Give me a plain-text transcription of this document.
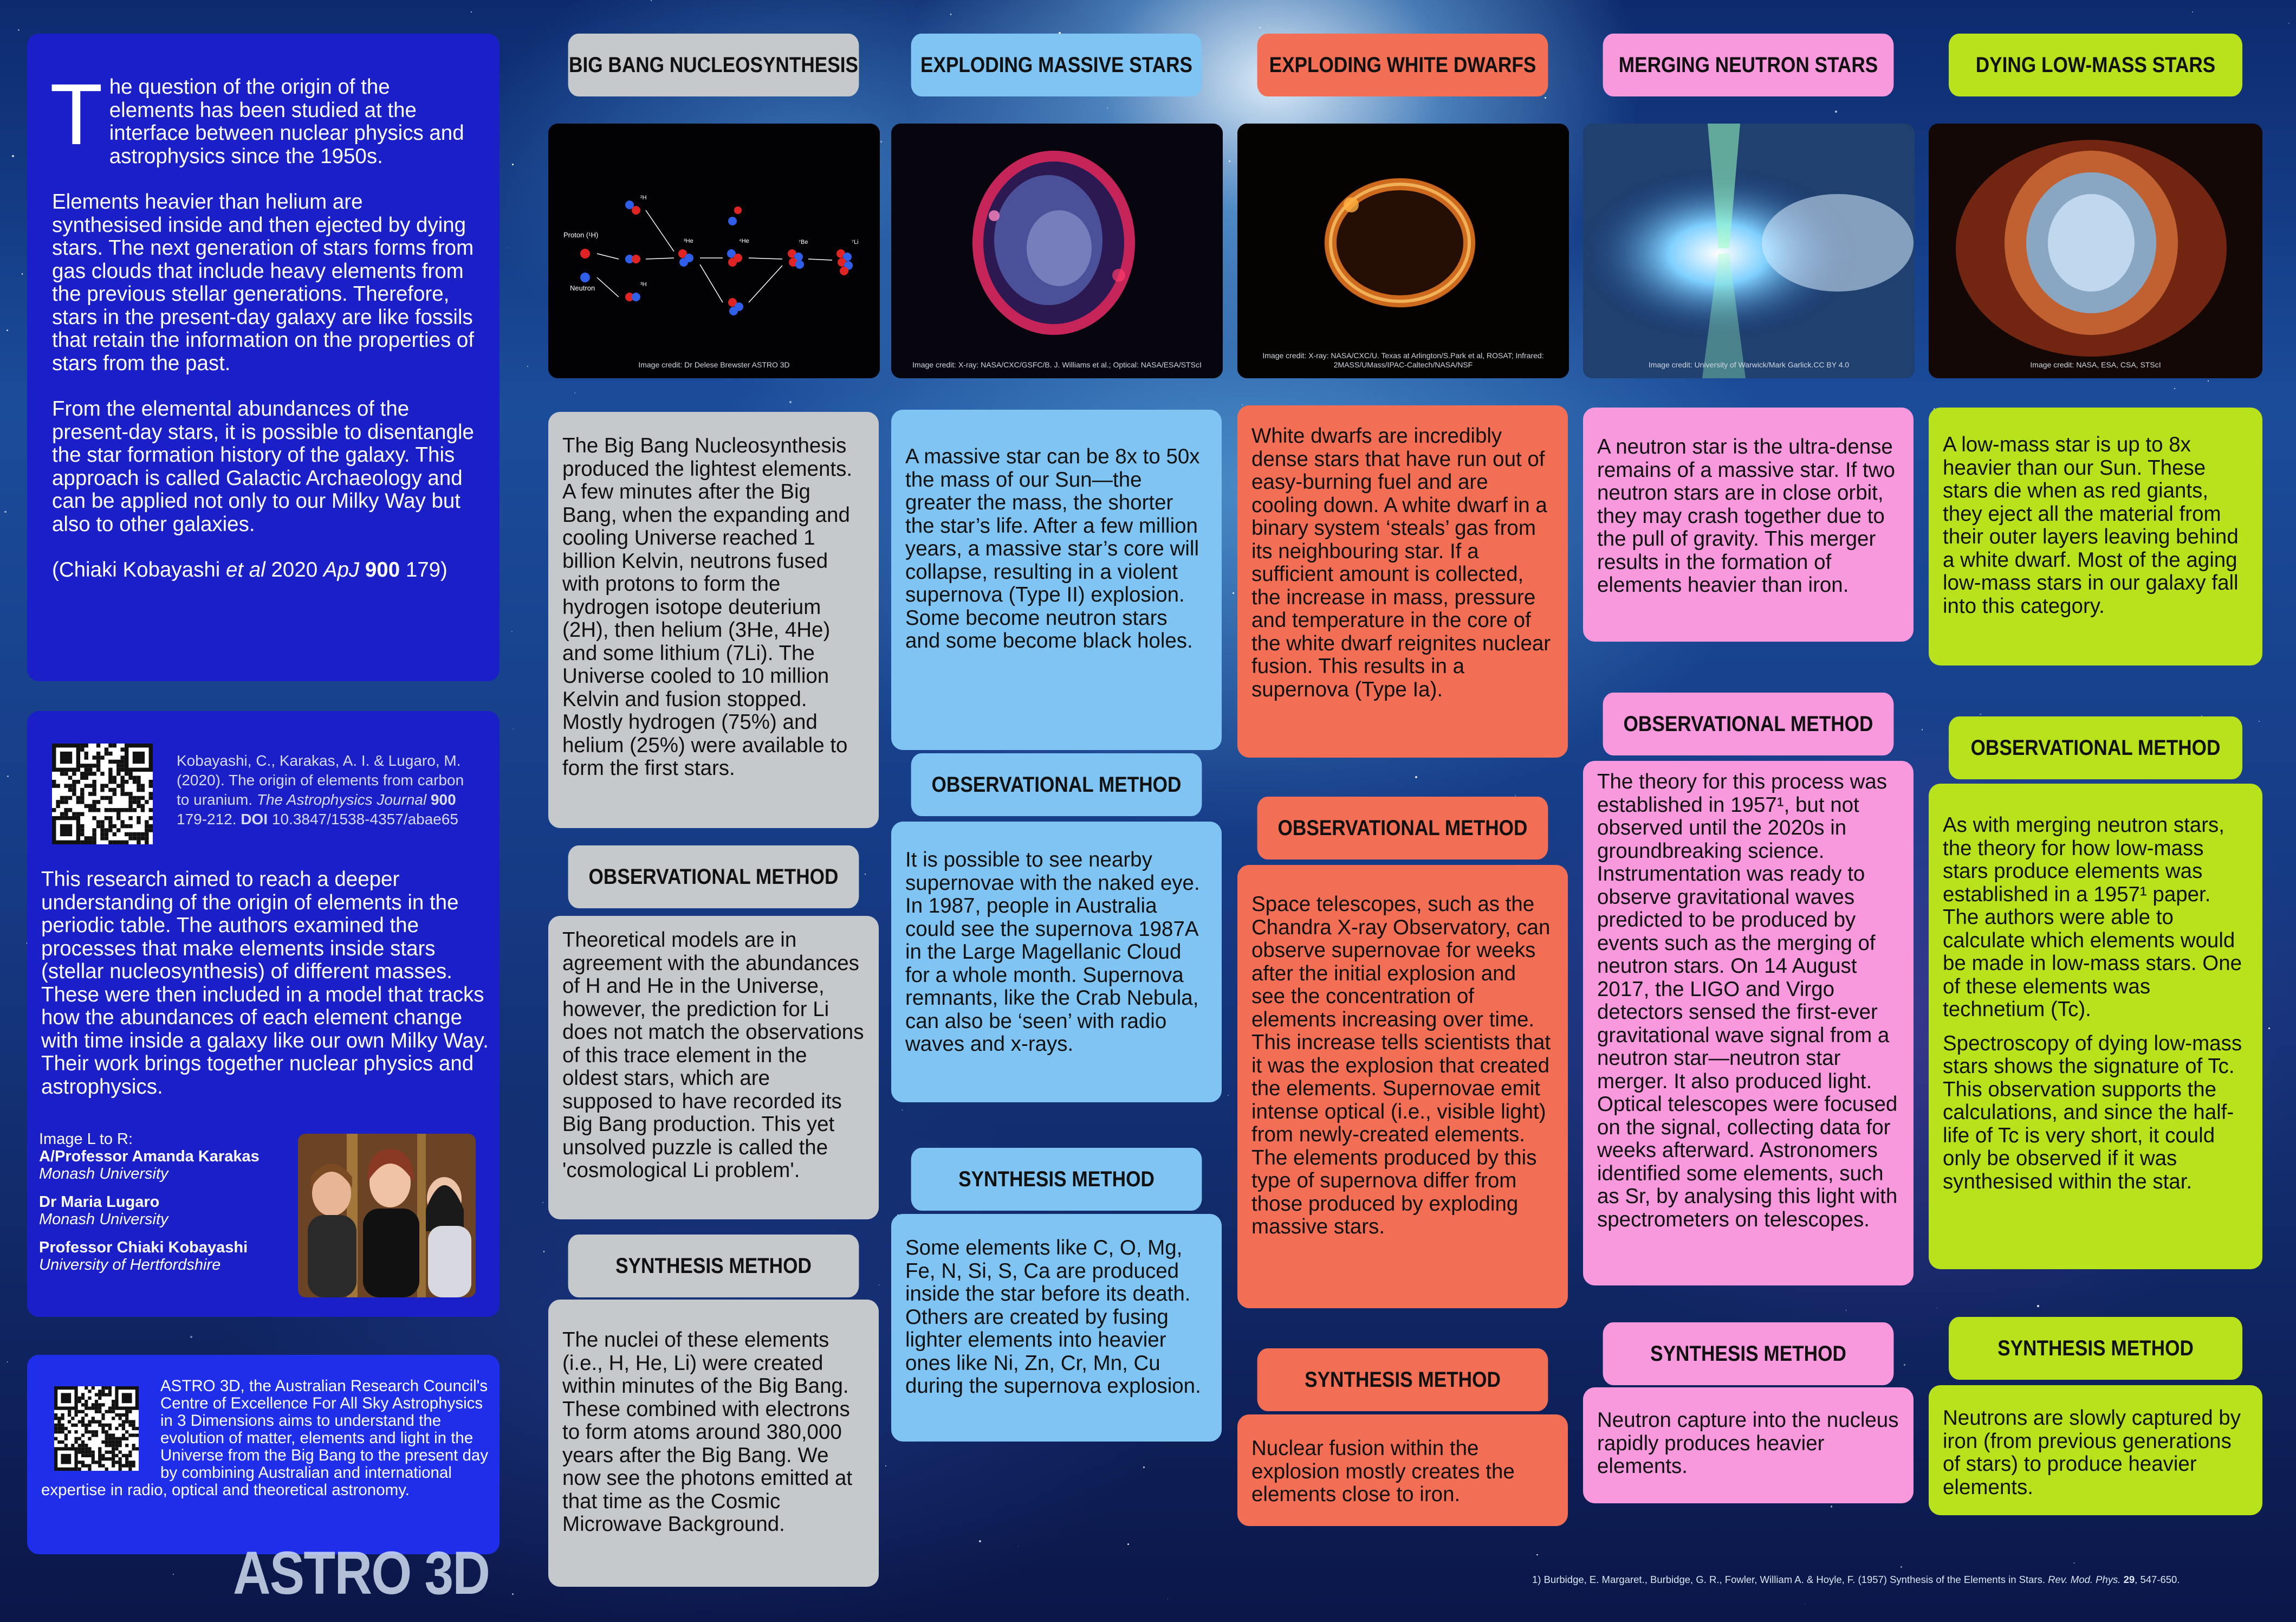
T he question of the origin of the elements has been studied at the interface between nuclear physics and astrophysics since the 1950s.
Elements heavier than helium are synthesised inside and then ejected by dying stars. The next generation of stars forms from gas clouds that include heavy elements from the previous stellar generations. Therefore, stars in the present-day galaxy are like fossils that retain the information on the properties of stars from the past.
From the elemental abundances of the present-day stars, it is possible to disentangle the star formation history of the galaxy. This approach is called Galactic Archaeology and can be applied not only to our Milky Way but also to other galaxies.
(Chiaki Kobayashi et al 2020 ApJ 900 179)
Kobayashi, C., Karakas, A. I. & Lugaro, M. (2020). The origin of elements from carbon to uranium. The Astrophysics Journal 900 179-212. DOI 10.3847/1538-4357/abae65
This research aimed to reach a deeper understanding of the origin of elements in the periodic table. The authors examined the processes that make elements inside stars (stellar nucleosynthesis) of different masses. These were then included in a model that tracks how the abundances of each element change with time inside a galaxy like our own Milky Way. Their work brings together nuclear physics and astrophysics.
Image L to R:
A/Professor Amanda Karakas
Monash University
Dr Maria Lugaro
Monash University
Professor Chiaki Kobayashi
University of Hertfordshire
ASTRO 3D, the Australian Research Council's Centre of Excellence For All Sky Astrophysics in 3 Dimensions aims to understand the evolution of matter, elements and light in the Universe from the Big Bang to the present day by combining Australian and international expertise in radio, optical and theoretical astronomy.
ASTRO 3D
BIG BANG NUCLEOSYNTHESIS
Proton (¹H)
Neutron
²H
³H
³He	⁴He	⁷Be	⁷Li
Image credit: Dr Delese Brewster ASTRO 3D
The Big Bang Nucleosynthesis produced the lightest elements. A few minutes after the Big Bang, when the expanding and cooling Universe reached 1 billion Kelvin, neutrons fused with protons to form the hydrogen isotope deuterium (2H), then helium (3He, 4He) and some lithium (7Li). The Universe cooled to 10 million Kelvin and fusion stopped. Mostly hydrogen (75%) and helium (25%) were available to form the first stars.
OBSERVATIONAL METHOD
Theoretical models are in agreement with the abundances of H and He in the Universe, however, the prediction for Li does not match the observations of this trace element in the oldest stars, which are supposed to have recorded its Big Bang production. This yet unsolved puzzle is called the 'cosmological Li problem'.
SYNTHESIS METHOD
The nuclei of these elements (i.e., H, He, Li) were created within minutes of the Big Bang. These combined with electrons to form atoms around 380,000 years after the Big Bang. We now see the photons emitted at that time as the Cosmic Microwave Background.
EXPLODING MASSIVE STARS
Image credit: X-ray: NASA/CXC/GSFC/B. J. Williams et al.; Optical: NASA/ESA/STScI
A massive star can be 8x to 50x the mass of our Sun—the greater the mass, the shorter the star’s life. After a few million years, a massive star’s core will collapse, resulting in a violent supernova (Type II) explosion. Some become neutron stars and some become black holes.
OBSERVATIONAL METHOD
It is possible to see nearby supernovae with the naked eye. In 1987, people in Australia could see the supernova 1987A in the Large Magellanic Cloud for a whole month. Supernova remnants, like the Crab Nebula, can also be ‘seen’ with radio waves and x-rays.
SYNTHESIS METHOD
Some elements like C, O, Mg, Fe, N, Si, S, Ca are produced inside the star before its death. Others are created by fusing lighter elements into heavier ones like Ni, Zn, Cr, Mn, Cu during the supernova explosion.
EXPLODING WHITE DWARFS
Image credit: X-ray: NASA/CXC/U. Texas at Arlington/S.Park et al, ROSAT; Infrared: 2MASS/UMass/IPAC-Caltech/NASA/NSF
White dwarfs are incredibly dense stars that have run out of easy-burning fuel and are cooling down. A white dwarf in a binary system ‘steals’ gas from its neighbouring star. If a sufficient amount is collected, the increase in mass, pressure and temperature in the core of the white dwarf reignites nuclear fusion. This results in a supernova (Type Ia).
OBSERVATIONAL METHOD
Space telescopes, such as the Chandra X-ray Observatory, can observe supernovae for weeks after the initial explosion and see the concentration of elements increasing over time. This increase tells scientists that it was the explosion that created the elements. Supernovae emit intense optical (i.e., visible light) from newly-created elements. The elements produced by this type of supernova differ from those produced by exploding massive stars.
SYNTHESIS METHOD
Nuclear fusion within the explosion mostly creates the elements close to iron.
MERGING NEUTRON STARS
Image credit: University of Warwick/Mark Garlick.CC BY 4.0
A neutron star is the ultra-dense remains of a massive star. If two neutron stars are in close orbit, they may crash together due to the pull of gravity. This merger results in the formation of elements heavier than iron.
OBSERVATIONAL METHOD
The theory for this process was established in 1957¹, but not observed until the 2020s in groundbreaking science. Instrumentation was ready to observe gravitational waves predicted to be produced by events such as the merging of neutron stars. On 14 August 2017, the LIGO and Virgo detectors sensed the first-ever gravitational wave signal from a neutron star—neutron star merger. It also produced light. Optical telescopes were focused on the signal, collecting data for weeks afterward. Astronomers identified some elements, such as Sr, by analysing this light with spectrometers on telescopes.
SYNTHESIS METHOD
Neutron capture into the nucleus rapidly produces heavier elements.
DYING LOW-MASS STARS
Image credit: NASA, ESA, CSA, STScI
A low-mass star is up to 8x heavier than our Sun. These stars die when as red giants, they eject all the material from their outer layers leaving behind a white dwarf. Most of the aging low-mass stars in our galaxy fall into this category.
OBSERVATIONAL METHOD
As with merging neutron stars, the theory for how low-mass stars produce elements was established in a 1957¹ paper. The authors were able to calculate which elements would be made in low-mass stars. One of these elements was technetium (Tc).
Spectroscopy of dying low-mass stars shows the signature of Tc. This observation supports the calculations, and since the half-life of Tc is very short, it could only be observed if it was synthesised within the star.
SYNTHESIS METHOD
Neutrons are slowly captured by iron (from previous generations of stars) to produce heavier elements.
1) Burbidge, E. Margaret., Burbidge, G. R., Fowler, William A. & Hoyle, F. (1957) Synthesis of the Elements in Stars. Rev. Mod. Phys. 29, 547-650.
